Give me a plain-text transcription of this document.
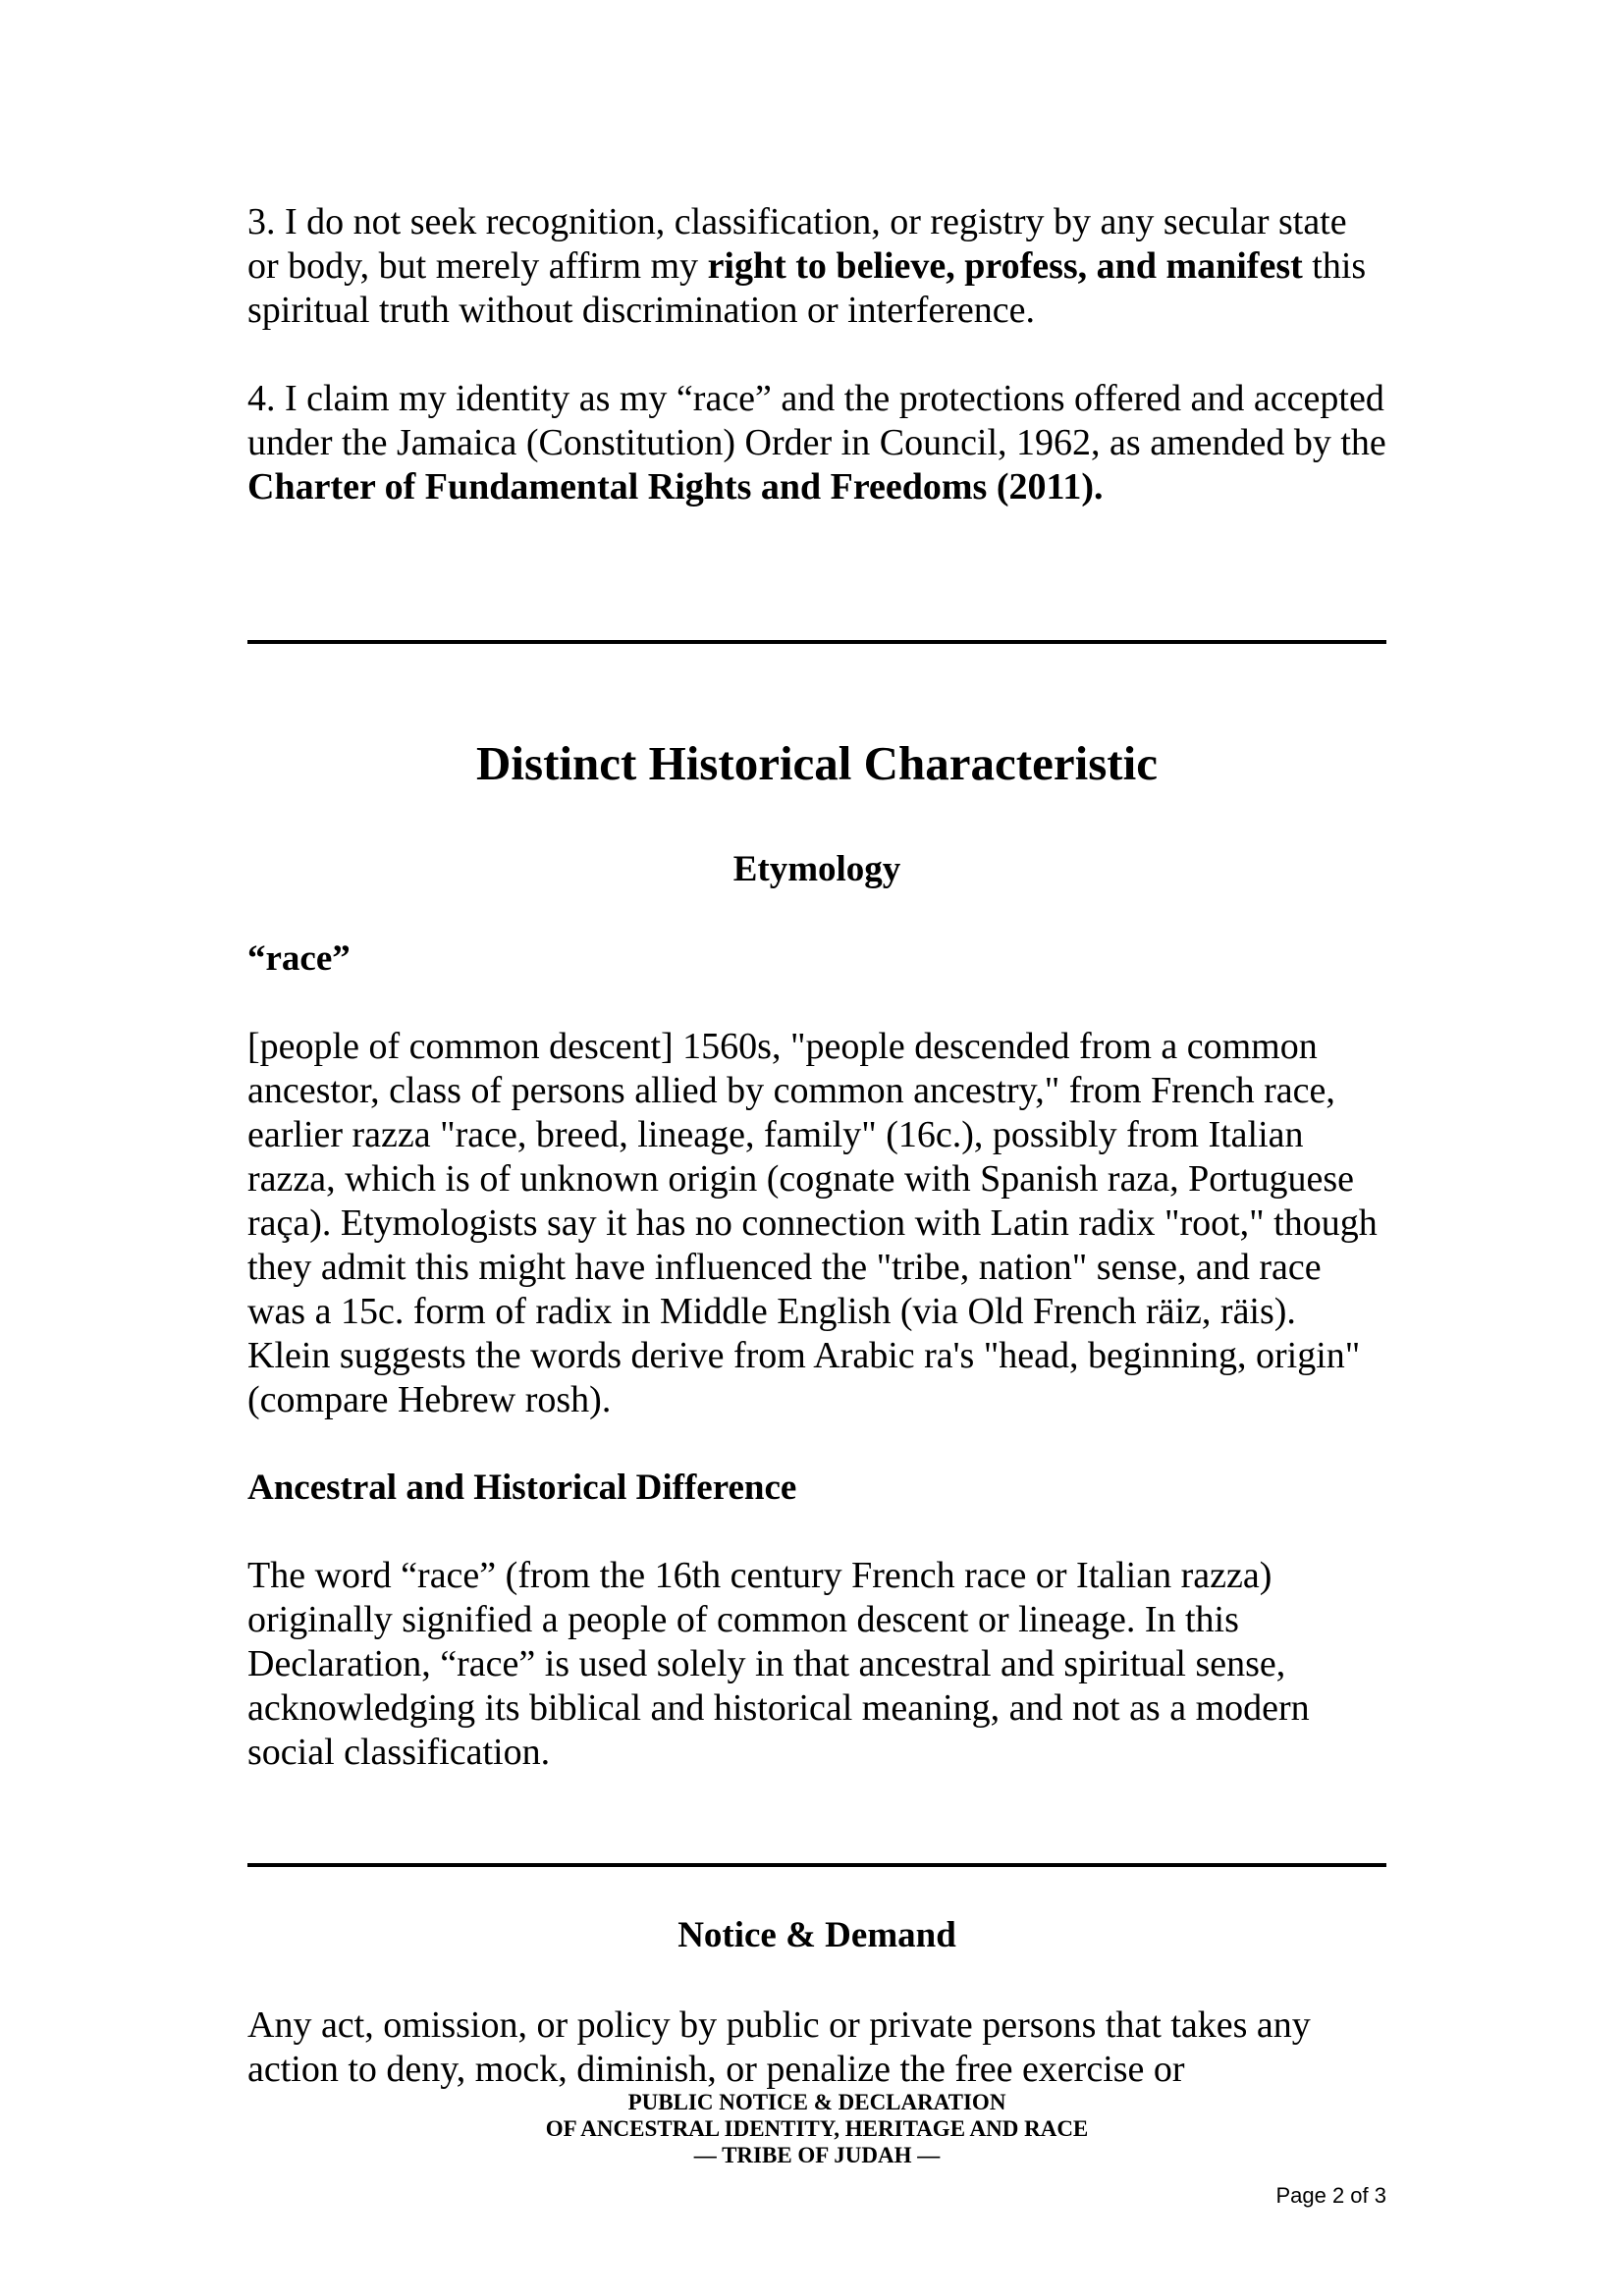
3. I do not seek recognition, classification, or registry by any secular state or body, but merely affirm my right to believe, profess, and manifest this spiritual truth without discrimination or interference.

4. I claim my identity as my “race” and the protections offered and accepted under the Jamaica (Constitution) Order in Council, 1962, as amended by the Charter of Fundamental Rights and Freedoms (2011).

Distinct Historical Characteristic
Etymology
“race”

[people of common descent] 1560s, "people descended from a common ancestor, class of persons allied by common ancestry," from French race, earlier razza "race, breed, lineage, family" (16c.), possibly from Italian razza, which is of unknown origin (cognate with Spanish raza, Portuguese raça). Etymologists say it has no connection with Latin radix "root," though they admit this might have influenced the "tribe, nation" sense, and race was a 15c. form of radix in Middle English (via Old French räiz, räis). Klein suggests the words derive from Arabic ra's "head, beginning, origin" (compare Hebrew rosh).

Ancestral and Historical Difference

The word “race” (from the 16th century French race or Italian razza) originally signified a people of common descent or lineage. In this Declaration, “race” is used solely in that ancestral and spiritual sense, acknowledging its biblical and historical meaning, and not as a modern social classification.

Notice & Demand

Any act, omission, or policy by public or private persons that takes any action to deny, mock, diminish, or penalize the free exercise or

PUBLIC NOTICE & DECLARATION
OF ANCESTRAL IDENTITY, HERITAGE AND RACE
— TRIBE OF JUDAH —
Page 2 of 3
